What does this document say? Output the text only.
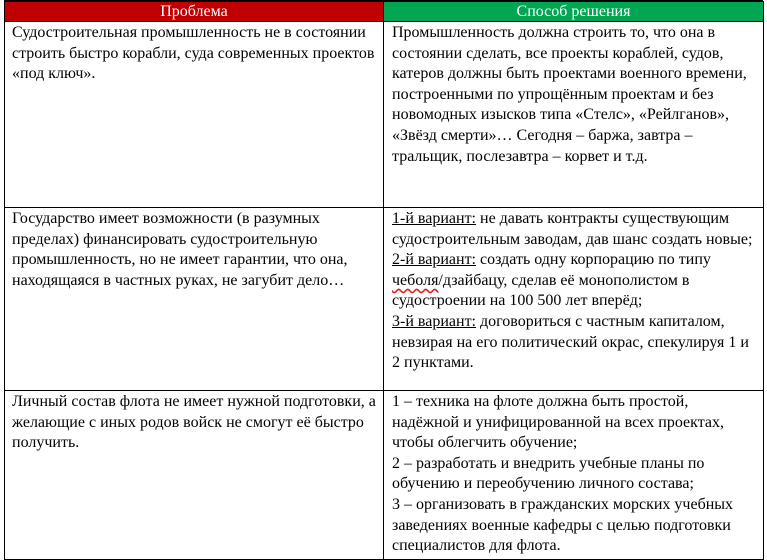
Проблема	Способ решения
Судостроительная промышленность не в состоянии строить быстро корабли, суда современных проектов «под ключ».	Промышленность должна строить то, что она в состоянии сделать, все проекты кораблей, судов, катеров должны быть проектами военного времени, построенными по упрощённым проектам и без новомодных изысков типа «Стелс», «Рейлганов», «Звёзд смерти»… Сегодня – баржа, завтра – тральщик, послезавтра – корвет и т.д.
Государство имеет возможности (в разумных пределах) финансировать судостроительную промышленность, но не имеет гарантии, что она, находящаяся в частных руках, не загубит дело…	1-й вариант: не давать контракты существующим судостроительным заводам, дав шанс создать новые;
2-й вариант: создать одну корпорацию по типу чеболя/дзайбацу, сделав её монополистом в судостроении на 100 500 лет вперёд;
3-й вариант: договориться с частным капиталом, невзирая на его политический окрас, спекулируя 1 и 2 пунктами.

Личный состав флота не имеет нужной подготовки, а желающие с иных родов войск не смогут её быстро получить.	1 – техника на флоте должна быть простой, надёжной и унифицированной на всех проектах, чтобы облегчить обучение;
2 – разработать и внедрить учебные планы по обучению и переобучению личного состава;
3 – организовать в гражданских морских учебных заведениях военные кафедры с целью подготовки специалистов для флота.
